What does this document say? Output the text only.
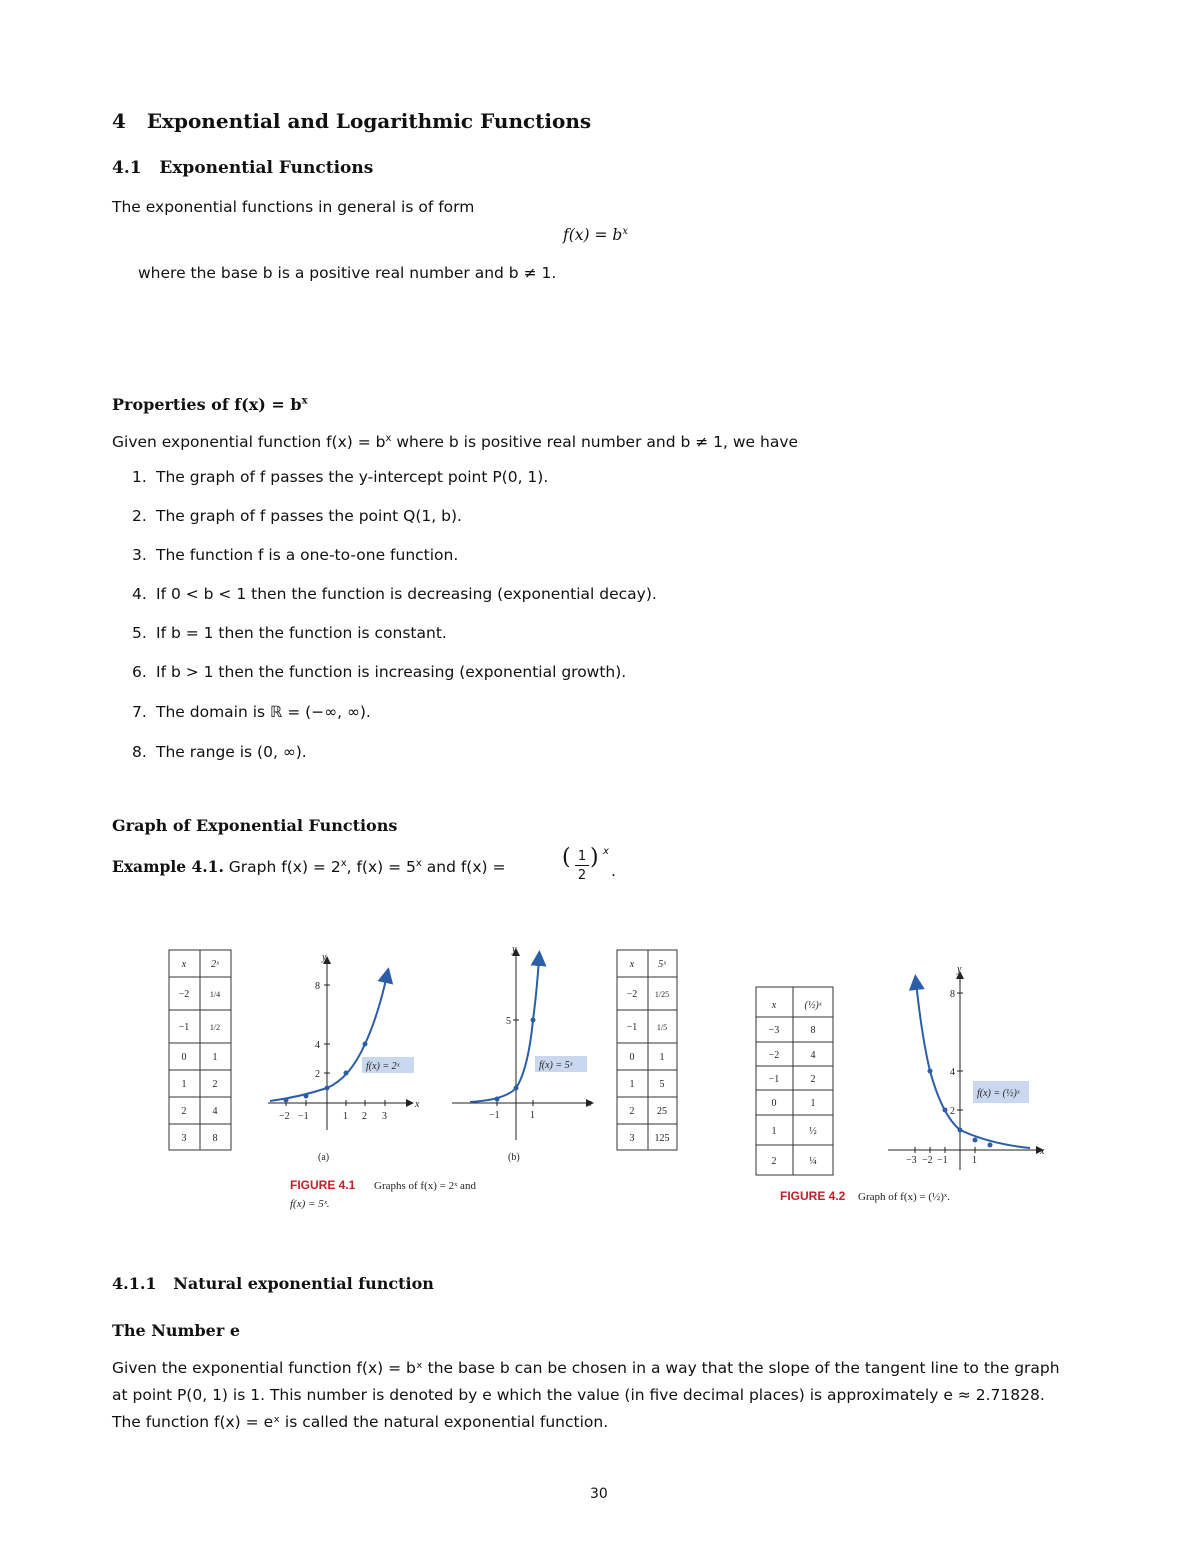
4 Exponential and Logarithmic Functions
4.1 Exponential Functions
The exponential functions in general is of form
$f(x) = b^x$
where the base b is a positive real number and b ≠ 1.
Properties of $f(x) = b^x$
Given exponential function $f(x) = b^x$ where b is positive real number and b ≠ 1, we have
1. The graph of f passes the y-intercept point P(0, 1).
2. The graph of f passes the point Q(1, b).
3. The function f is a one-to-one function.
4. If 0 < b < 1 then the function is decreasing (exponential decay).
5. If b = 1 then the function is constant.
6. If b > 1 then the function is increasing (exponential growth).
7. The domain is ℝ = (−∞, ∞).
8. The range is (0, ∞).
Graph of Exponential Functions
Example 4.1. Graph $f(x) = 2^x$, $f(x) = 5^x$ and f(x) =	( 1
2
) x
.
x 2ˣ
−2	1/4
−1	1/2
0	1
1	2
2	4
3	8
x
y
8
4
2
−2 −1	1 2 3
f(x) = 2ˣ
(a)
x
y
5
−1	1
f(x) = 5ˣ
(b)
x 5ˣ
−2 1/25
−1 1/5
0	1
1	5
2 25
3 125
FIGURE 4.1 Graphs of f(x) = 2ˣ and
f(x) = 5ˣ.
x	(½)ˣ
−3	8
−2	4
−1	2
0	1
1	½
2	¼
x
y
8
4
2
−3 −2 −1 1
f(x) = (½)ˣ
FIGURE 4.2 Graph of f(x) = (½)ˣ.
4.1.1 Natural exponential function
The Number e
Given the exponential function f(x) = bˣ the base b can be chosen in a way that the slope of the tangent line to the graph
at point P(0, 1) is 1. This number is denoted by e which the value (in five decimal places) is approximately e ≈ 2.71828.
The function f(x) = eˣ is called the natural exponential function.
30
